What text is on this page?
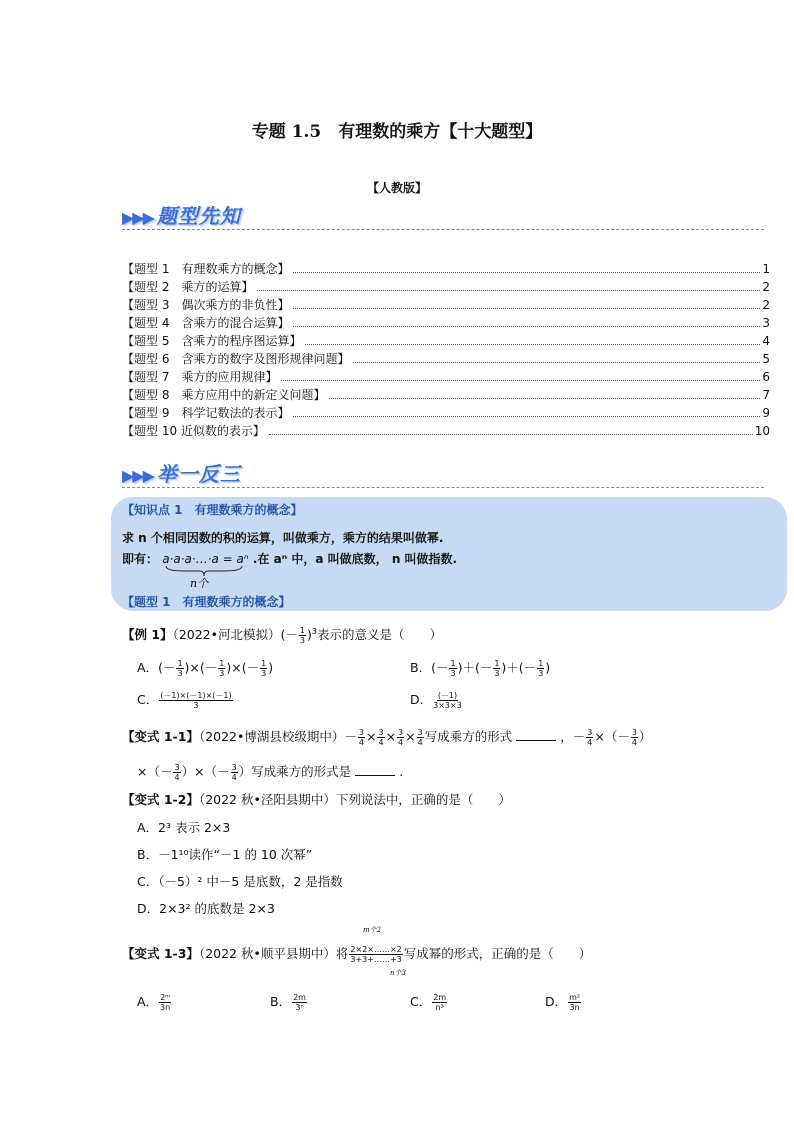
专题 1.5　有理数的乘方【十大题型】
【人教版】
▶▶▶ 题型先知
【题型 1　有理数乘方的概念】	1
【题型 2　乘方的运算】	2
【题型 3　偶次乘方的非负性】	2
【题型 4　含乘方的混合运算】	3
【题型 5　含乘方的程序图运算】	4
【题型 6　含乘方的数字及图形规律问题】	5
【题型 7　乘方的应用规律】	6
【题型 8　乘方应用中的新定义问题】	7
【题型 9　科学记数法的表示】	9
【题型 10 近似数的表示】	10
▶▶▶ 举一反三
【知识点 1　有理数乘方的概念】
求 n 个相同因数的积的运算，叫做乘方，乘方的结果叫做幂.
即有： a·a·a·…·a = aⁿ .在 aⁿ 中，a 叫做底数， n 叫做指数.
n个
【题型 1　有理数乘方的概念】
【例 1】（2022•河北模拟）(－ $\frac{1}{3} )^3$表示的意义是（　　）
A．(－ $\frac{1}{3}$ )×(－ $\frac{1}{3}$ )×(－ $\frac{1}{3}$ )	B．(－ $\frac{1}{3}$ )＋(－ $\frac{1}{3}$ )＋(－ $\frac{1}{3}$ )
C． $\frac{(-1)\times(-1)\times(-1)}{3}$	D． $\frac{(-1)}{3\times 3\times 3}$
【变式 1-1】（2022•博湖县校级期中）－ $\frac{3}{4} \times \frac{3}{4} \times \frac{3}{4} \times \frac{3}{4}$ 写成乘方的形式	，－ $\frac{3}{4}$ ×（－ $\frac{3}{4}$ ）
×（－ $\frac{3}{4}$ ）×（－ $\frac{3}{4}$ ）写成乘方的形式是	.
【变式 1-2】（2022 秋•泾阳县期中）下列说法中，正确的是（　　）
A．2³ 表示 2×3
B．－1¹⁰读作“－1 的 10 次幂”
C．（－5）² 中－5 是底数，2 是指数
D．2×3² 的底数是 2×3
m个2
【变式 1-3】（2022 秋•顺平县期中）将 $\frac{2\times 2\times\dots\dots\times 2}{3+3+\dots\dots+3}$ 写成幂的形式，正确的是（　　）
n个3
A． $\frac{\text{2ᵐ}}{3n}$	B． $\frac{2m}{\text{3ⁿ}}$	C． $\frac{2m}{\text{n³}}$	D． $\frac{\text{m²}}{3n}$
